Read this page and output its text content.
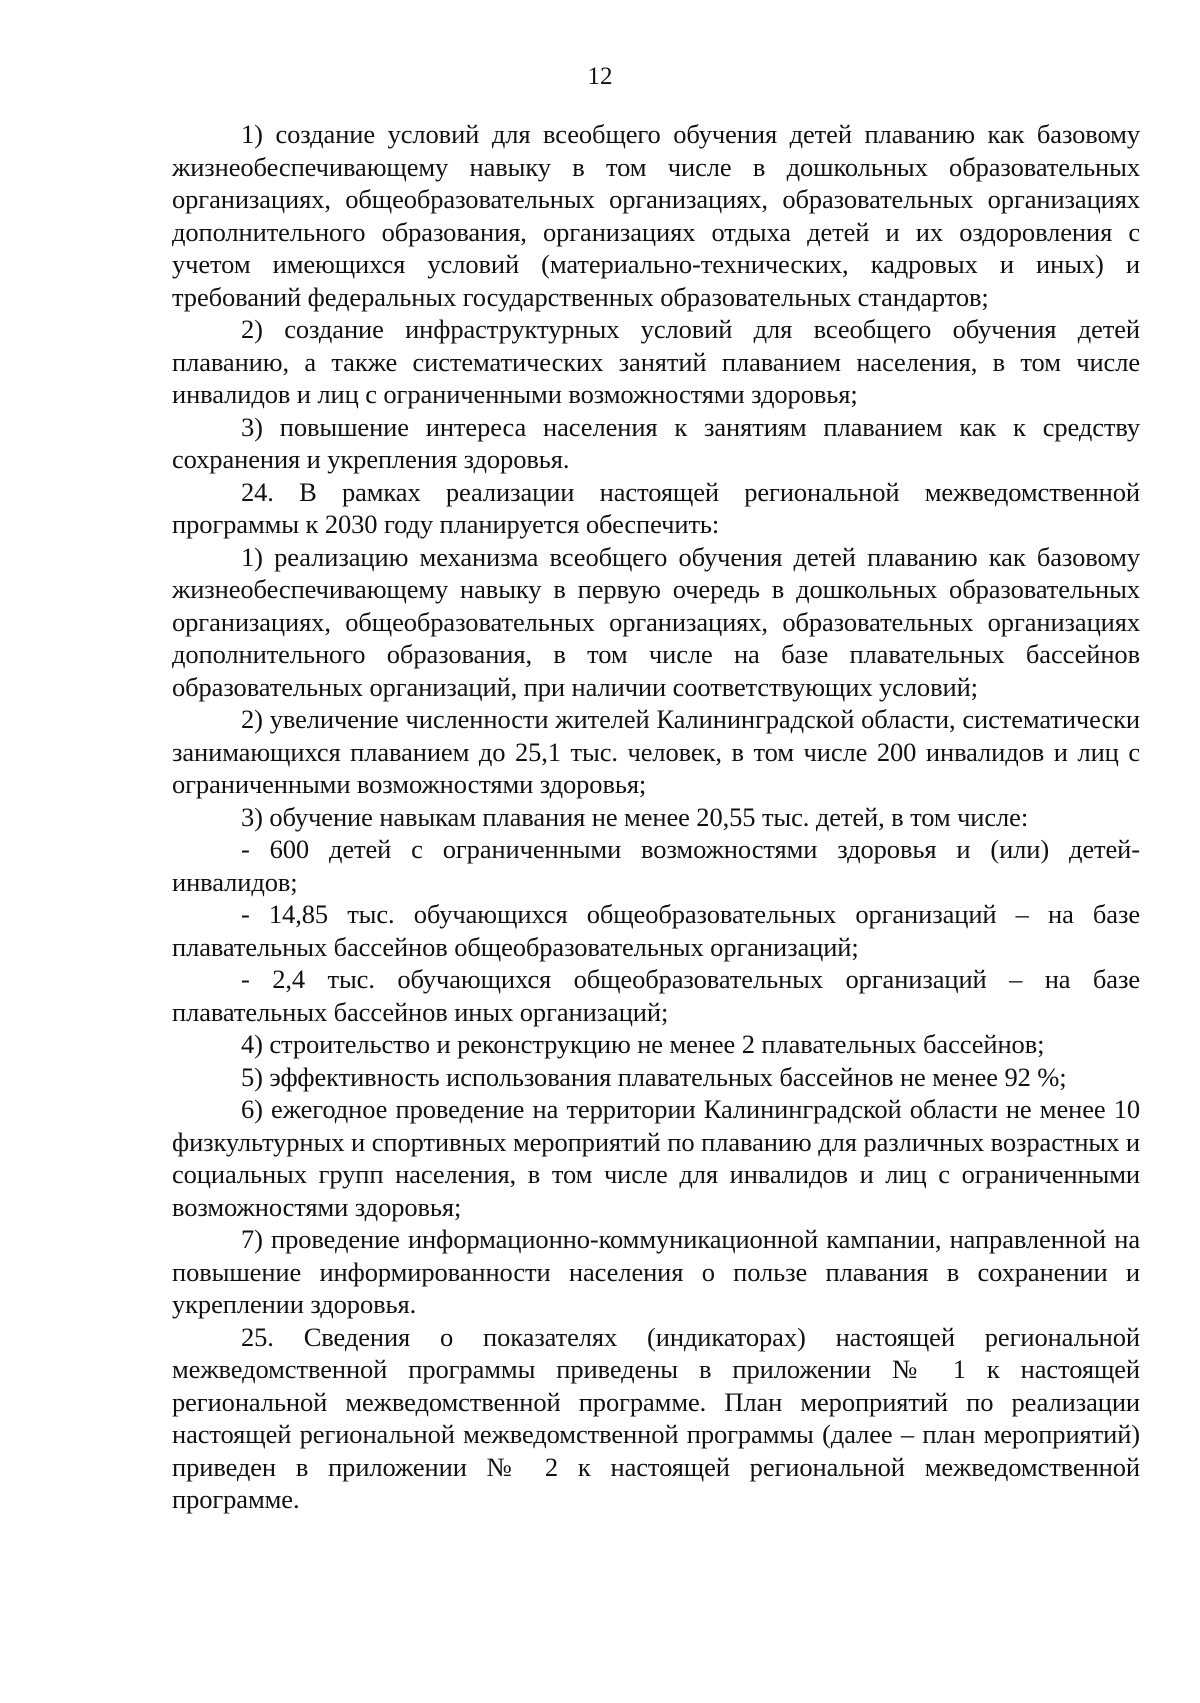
12

1) создание условий для всеобщего обучения детей плаванию как базовому жизнеобеспечивающему навыку в том числе в дошкольных образовательных организациях, общеобразовательных организациях, образовательных организациях дополнительного образования, организациях отдыха детей и их оздоровления с учетом имеющихся условий (материально-технических, кадровых и иных) и требований федеральных государственных образовательных стандартов;

2) создание инфраструктурных условий для всеобщего обучения детей плаванию, а также систематических занятий плаванием населения, в том числе инвалидов и лиц с ограниченными возможностями здоровья;

3) повышение интереса населения к занятиям плаванием как к средству сохранения и укрепления здоровья.

24. В рамках реализации настоящей региональной межведомственной программы к 2030 году планируется обеспечить:

1) реализацию механизма всеобщего обучения детей плаванию как базовому жизнеобеспечивающему навыку в первую очередь в дошкольных образовательных организациях, общеобразовательных организациях, образовательных организациях дополнительного образования, в том числе на базе плавательных бассейнов образовательных организаций, при наличии соответствующих условий;

2) увеличение численности жителей Калининградской области, систематически занимающихся плаванием до 25,1 тыс. человек, в том числе 200 инвалидов и лиц с ограниченными возможностями здоровья;

3) обучение навыкам плавания не менее 20,55 тыс. детей, в том числе:

- 600 детей с ограниченными возможностями здоровья и (или) детей-инвалидов;

- 14,85 тыс. обучающихся общеобразовательных организаций – на базе плавательных бассейнов общеобразовательных организаций;

- 2,4 тыс. обучающихся общеобразовательных организаций – на базе плавательных бассейнов иных организаций;

4) строительство и реконструкцию не менее 2 плавательных бассейнов;

5) эффективность использования плавательных бассейнов не менее 92 %;

6) ежегодное проведение на территории Калининградской области не менее 10 физкультурных и спортивных мероприятий по плаванию для различных возрастных и социальных групп населения, в том числе для инвалидов и лиц с ограниченными возможностями здоровья;

7) проведение информационно-коммуникационной кампании, направленной на повышение информированности населения о пользе плавания в сохранении и укреплении здоровья.

25. Сведения о показателях (индикаторах) настоящей региональной межведомственной программы приведены в приложении № 1 к настоящей региональной межведомственной программе. План мероприятий по реализации настоящей региональной межведомственной программы (далее – план мероприятий) приведен в приложении № 2 к настоящей региональной межведомственной программе.
